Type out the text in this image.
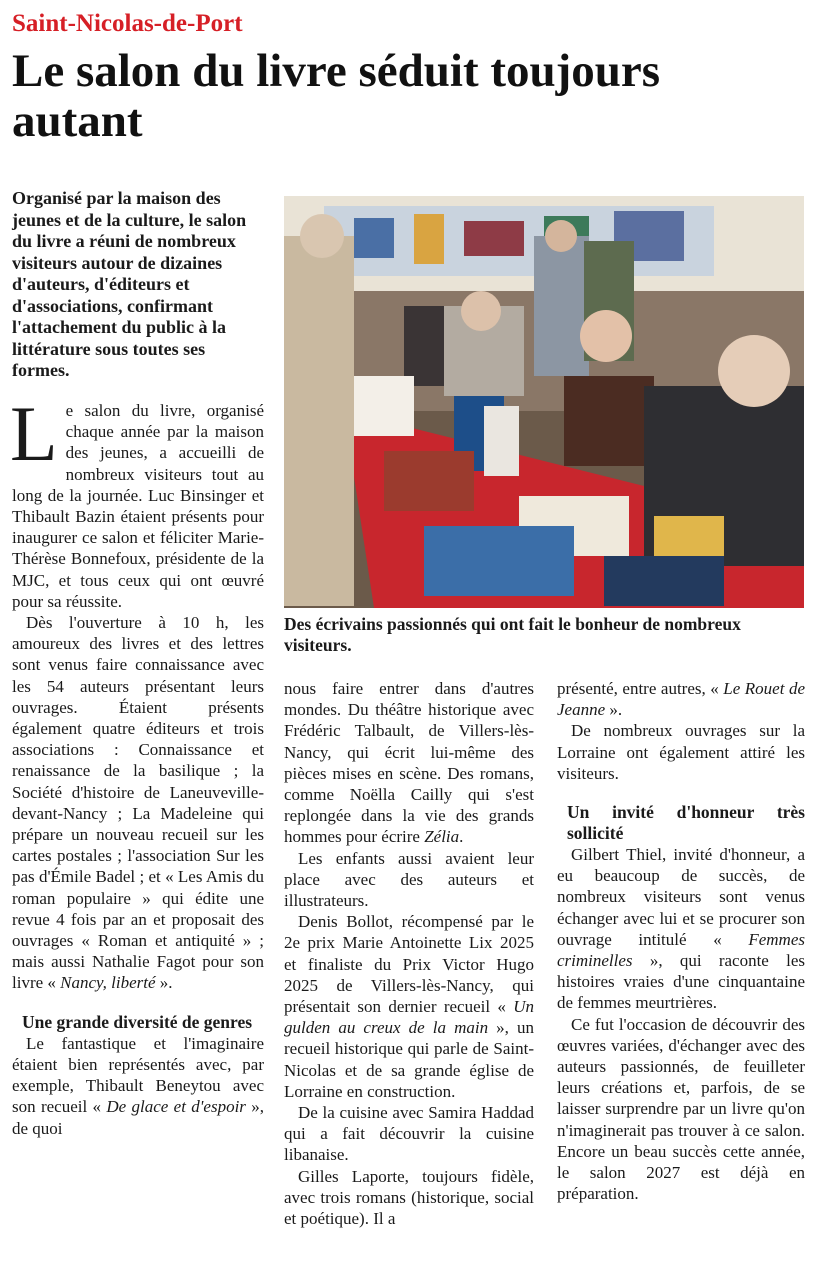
Saint-Nicolas-de-Port
Le salon du livre séduit toujours autant

Organisé par la maison des jeunes et de la culture, le salon du livre a réuni de nombreux visiteurs autour de dizaines d'auteurs, d'éditeurs et d'associations, confirmant l'attachement du public à la littérature sous toutes ses formes.

Des écrivains passionnés qui ont fait le bonheur de nombreux visiteurs.

Le salon du livre, organisé chaque année par la maison des jeunes, a accueilli de nombreux visiteurs tout au long de la journée. Luc Binsinger et Thibault Bazin étaient présents pour inaugurer ce salon et féliciter Marie-Thérèse Bonnefoux, présidente de la MJC, et tous ceux qui ont œuvré pour sa réussite.

Dès l'ouverture à 10 h, les amoureux des livres et des lettres sont venus faire connaissance avec les 54 auteurs présentant leurs ouvrages. Étaient présents également quatre éditeurs et trois associations : Connaissance et renaissance de la basilique ; la Société d'histoire de Laneuveville-devant-Nancy ; La Madeleine qui prépare un nouveau recueil sur les cartes postales ; l'association Sur les pas d'Émile Badel ; et « Les Amis du roman populaire » qui édite une revue 4 fois par an et proposait des ouvrages « Roman et antiquité » ; mais aussi Nathalie Fagot pour son livre « Nancy, liberté ».

Une grande diversité de genres

Le fantastique et l'imaginaire étaient bien représentés avec, par exemple, Thibault Beneytou avec son recueil « De glace et d'espoir », de quoi

nous faire entrer dans d'autres mondes. Du théâtre historique avec Frédéric Talbault, de Villers-lès-Nancy, qui écrit lui-même des pièces mises en scène. Des romans, comme Noëlla Cailly qui s'est replongée dans la vie des grands hommes pour écrire Zélia.

Les enfants aussi avaient leur place avec des auteurs et illustrateurs.

Denis Bollot, récompensé par le 2e prix Marie Antoinette Lix 2025 et finaliste du Prix Victor Hugo 2025 de Villers-lès-Nancy, qui présentait son dernier recueil « Un gulden au creux de la main », un recueil historique qui parle de Saint-Nicolas et de sa grande église de Lorraine en construction.

De la cuisine avec Samira Haddad qui a fait découvrir la cuisine libanaise.

Gilles Laporte, toujours fidèle, avec trois romans (historique, social et poétique). Il a

présenté, entre autres, « Le Rouet de Jeanne ».

De nombreux ouvrages sur la Lorraine ont également attiré les visiteurs.

Un invité d'honneur très sollicité

Gilbert Thiel, invité d'honneur, a eu beaucoup de succès, de nombreux visiteurs sont venus échanger avec lui et se procurer son ouvrage intitulé « Femmes criminelles », qui raconte les histoires vraies d'une cinquantaine de femmes meurtrières.

Ce fut l'occasion de découvrir des œuvres variées, d'échanger avec des auteurs passionnés, de feuilleter leurs créations et, parfois, de se laisser surprendre par un livre qu'on n'imaginerait pas trouver à ce salon. Encore un beau succès cette année, le salon 2027 est déjà en préparation.
